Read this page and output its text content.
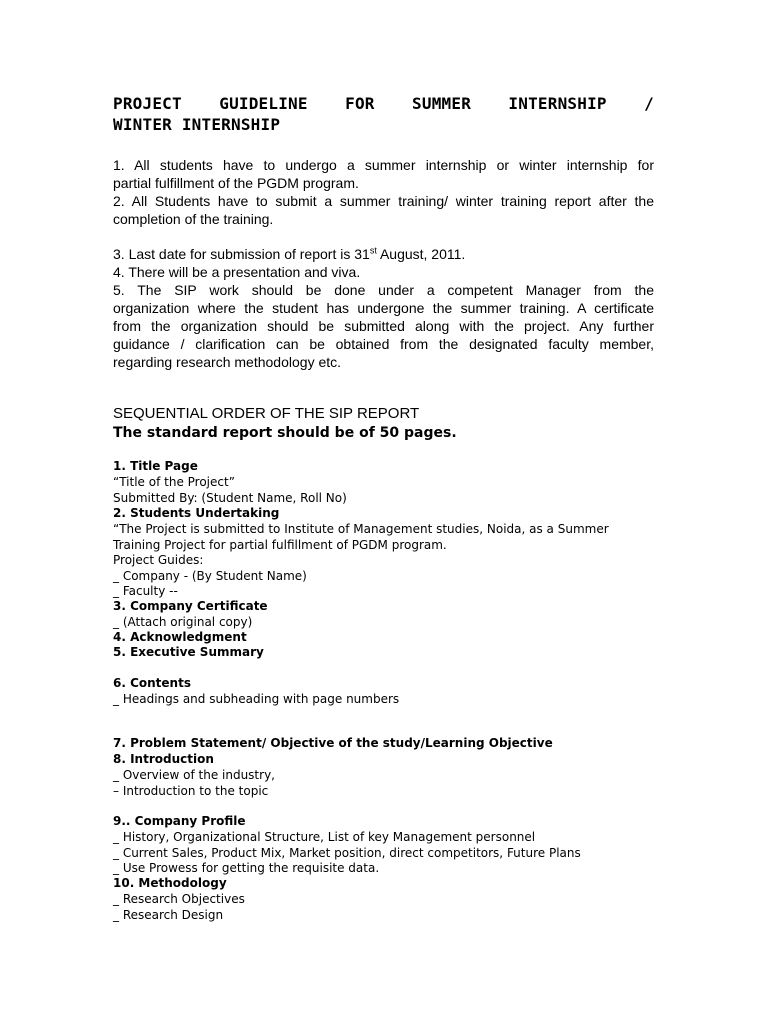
PROJECT GUIDELINE FOR SUMMER INTERNSHIP /
WINTER INTERNSHIP
1. All students have to undergo a summer internship or winter internship for
partial fulfillment of the PGDM program.
2. All Students have to submit a summer training/ winter training report after the
completion of the training.
3. Last date for submission of report is 31st August, 2011.
4. There will be a presentation and viva.
5. The SIP work should be done under a competent Manager from the
organization where the student has undergone the summer training. A certificate
from the organization should be submitted along with the project. Any further
guidance / clarification can be obtained from the designated faculty member,
regarding research methodology etc.
SEQUENTIAL ORDER OF THE SIP REPORT
The standard report should be of 50 pages.
1. Title Page
“Title of the Project”
Submitted By: (Student Name, Roll No)
2. Students Undertaking
“The Project is submitted to Institute of Management studies, Noida, as a Summer
Training Project for partial fulfillment of PGDM program.
Project Guides:
_ Company - (By Student Name)
_ Faculty --
3. Company Certificate
_ (Attach original copy)
4. Acknowledgment
5. Executive Summary
6. Contents
_ Headings and subheading with page numbers
7. Problem Statement/ Objective of the study/Learning Objective
8. Introduction
_ Overview of the industry,
– Introduction to the topic
9.. Company Profile
_ History, Organizational Structure, List of key Management personnel
_ Current Sales, Product Mix, Market position, direct competitors, Future Plans
_ Use Prowess for getting the requisite data.
10. Methodology
_ Research Objectives
_ Research Design
